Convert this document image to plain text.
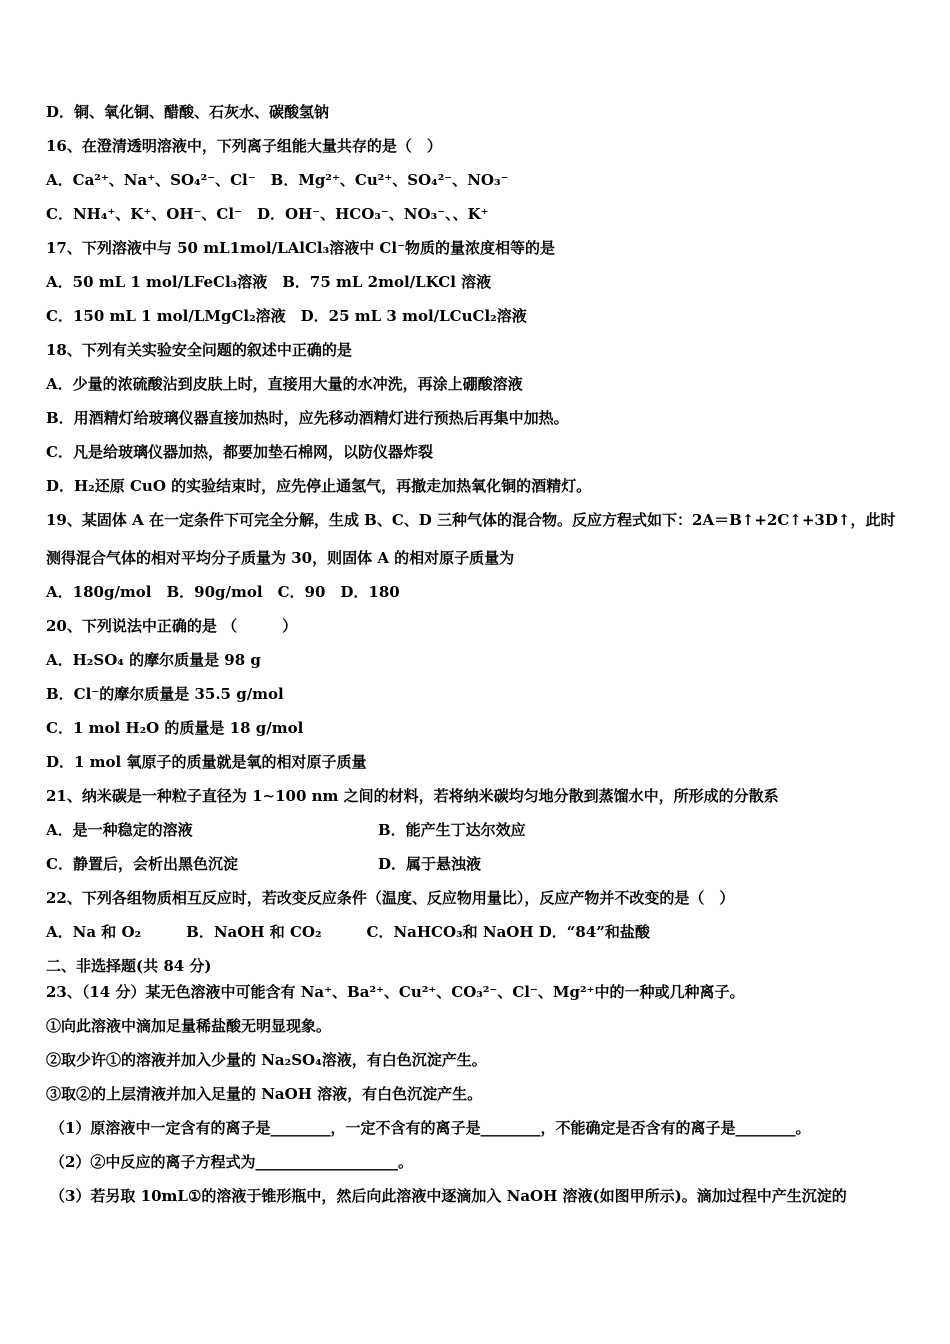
D．铜、氧化铜、醋酸、石灰水、碳酸氢钠
16、在澄清透明溶液中，下列离子组能大量共存的是（　）
A．Ca²⁺、Na⁺、SO₄²⁻、Cl⁻　B．Mg²⁺、Cu²⁺、SO₄²⁻、NO₃⁻
C．NH₄⁺、K⁺、OH⁻、Cl⁻　D．OH⁻、HCO₃⁻、NO₃⁻、、K⁺
17、下列溶液中与 50 mL1mol/LAlCl₃溶液中 Cl⁻物质的量浓度相等的是
A．50 mL 1 mol/LFeCl₃溶液　B．75 mL 2mol/LKCl 溶液
C．150 mL 1 mol/LMgCl₂溶液　D．25 mL 3 mol/LCuCl₂溶液
18、下列有关实验安全问题的叙述中正确的是
A．少量的浓硫酸沾到皮肤上时，直接用大量的水冲洗，再涂上硼酸溶液
B．用酒精灯给玻璃仪器直接加热时，应先移动酒精灯进行预热后再集中加热。
C．凡是给玻璃仪器加热，都要加垫石棉网，以防仪器炸裂
D．H₂还原 CuO 的实验结束时，应先停止通氢气，再撤走加热氧化铜的酒精灯。
19、某固体 A 在一定条件下可完全分解，生成 B、C、D 三种气体的混合物。反应方程式如下：2A＝B↑+2C↑+3D↑，此时
测得混合气体的相对平均分子质量为 30，则固体 A 的相对原子质量为
A．180g/mol　B．90g/mol　C．90　D．180
20、下列说法中正确的是 （　　　）
A．H₂SO₄ 的摩尔质量是 98 g
B．Cl⁻的摩尔质量是 35.5 g/mol
C．1 mol H₂O 的质量是 18 g/mol
D．1 mol 氧原子的质量就是氧的相对原子质量
21、纳米碳是一种粒子直径为 1~100 nm 之间的材料，若将纳米碳均匀地分散到蒸馏水中，所形成的分散系
A．是一种稳定的溶液	B．能产生丁达尔效应
C．静置后，会析出黑色沉淀	D．属于悬浊液
22、下列各组物质相互反应时，若改变反应条件（温度、反应物用量比），反应产物并不改变的是（　）
A．Na 和 O₂　　　B．NaOH 和 CO₂　　　C．NaHCO₃和 NaOH D．“84”和盐酸
二、非选择题(共 84 分)
23、（14 分）某无色溶液中可能含有 Na⁺、Ba²⁺、Cu²⁺、CO₃²⁻、Cl⁻、Mg²⁺中的一种或几种离子。
①向此溶液中滴加足量稀盐酸无明显现象。
②取少许①的溶液并加入少量的 Na₂SO₄溶液，有白色沉淀产生。
③取②的上层清液并加入足量的 NaOH 溶液，有白色沉淀产生。
（1）原溶液中一定含有的离子是________，一定不含有的离子是________，不能确定是否含有的离子是________。
（2）②中反应的离子方程式为___________________。
（3）若另取 10mL①的溶液于锥形瓶中，然后向此溶液中逐滴加入 NaOH 溶液(如图甲所示)。滴加过程中产生沉淀的
